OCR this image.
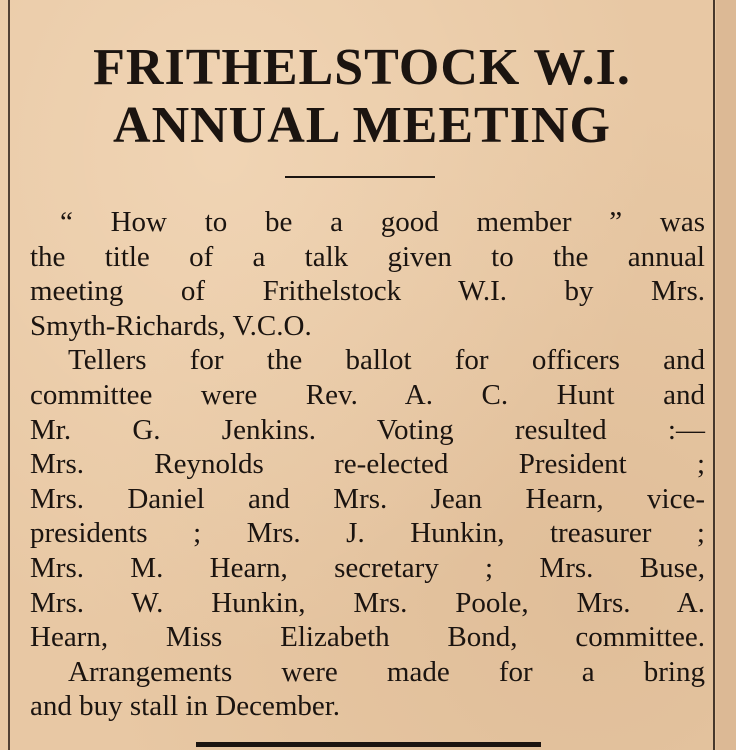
FRITHELSTOCK W.I.
ANNUAL MEETING
“ How to be a good member ” was
the title of a talk given to the annual
meeting of Frithelstock W.I. by Mrs.
Smyth-Richards, V.C.O.
Tellers for the ballot for officers and
committee were Rev. A. C. Hunt and
Mr. G. Jenkins. Voting resulted :—
Mrs. Reynolds re-elected President ;
Mrs. Daniel and Mrs. Jean Hearn, vice-
presidents ; Mrs. J. Hunkin, treasurer ;
Mrs. M. Hearn, secretary ; Mrs. Buse,
Mrs. W. Hunkin, Mrs. Poole, Mrs. A.
Hearn, Miss Elizabeth Bond, committee.
Arrangements were made for a bring
and buy stall in December.
